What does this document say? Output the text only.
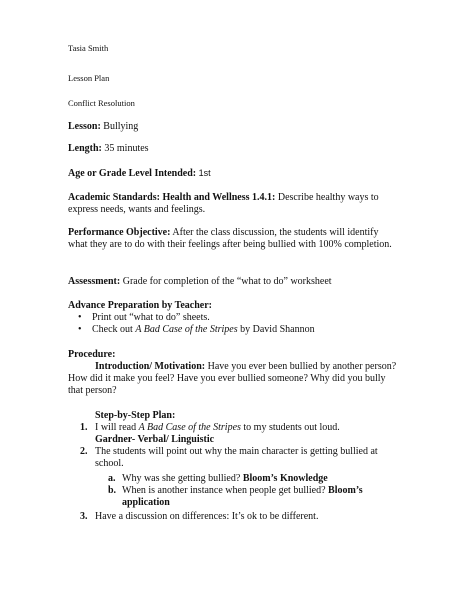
Tasia Smith
Lesson Plan
Conflict Resolution
Lesson: Bullying
Length: 35 minutes
Age or Grade Level Intended: 1st
Academic Standards: Health and Wellness 1.4.1: Describe healthy ways to express needs, wants and feelings.
Performance Objective: After the class discussion, the students will identify what they are to do with their feelings after being bullied with 100% completion.
Assessment: Grade for completion of the “what to do” worksheet
Advance Preparation by Teacher:
• Print out “what to do” sheets.
• Check out A Bad Case of the Stripes by David Shannon
Procedure:
Introduction/ Motivation: Have you ever been bullied by another person? How did it make you feel? Have you ever bullied someone? Why did you bully that person?
Step-by-Step Plan:
1. I will read A Bad Case of the Stripes to my students out loud.
Gardner- Verbal/ Linguistic
2. The students will point out why the main character is getting bullied at school.
a. Why was she getting bullied? Bloom’s Knowledge
b. When is another instance when people get bullied? Bloom’s application
3. Have a discussion on differences: It’s ok to be different.
